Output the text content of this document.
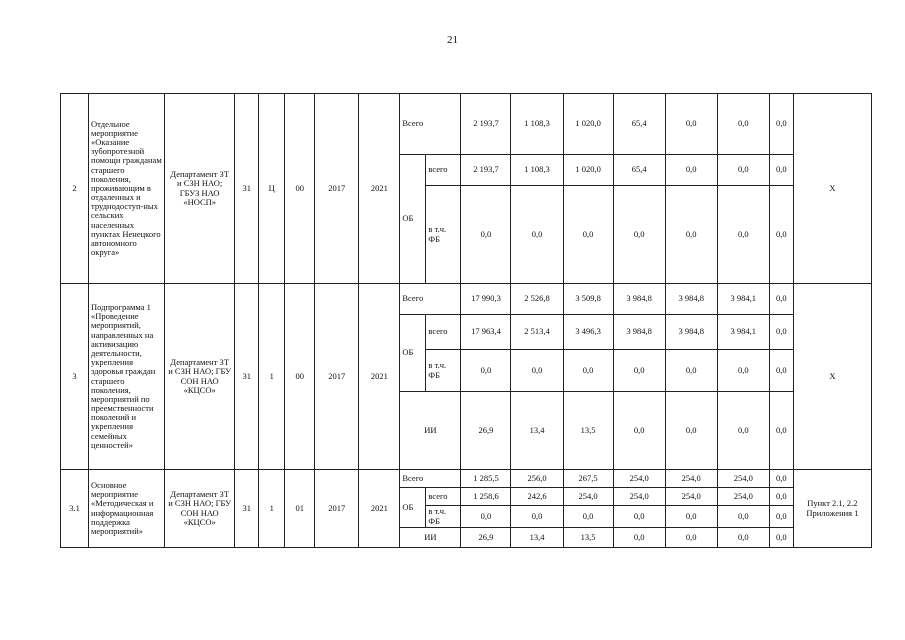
21
2	Отдельное мероприятие «Оказание зубопротезной помощи гражданам старшего поколения, проживающим в отдаленных и труднодоступ-ных сельских населенных пунктах Ненецкого автономного округа»	Департамент ЗТ и СЗН НАО; ГБУЗ НАО «НОСП»	31	Ц	00	2017	2021	Всего		2 193,7	1 108,3	1 020,0	65,4	0,0	0,0	0,0	X
								ОБ	всего	2 193,7	1 108,3	1 020,0	65,4	0,0	0,0	0,0	
									в т.ч. ФБ	0,0	0,0	0,0	0,0	0,0	0,0	0,0	
3	Подпрограмма 1 «Проведение мероприятий, направленных на активизацию деятельности, укрепления здоровья граждан старшего поколения, мероприятий по преемственности поколений и укрепления семейных ценностей»	Департамент ЗТ и СЗН НАО; ГБУ СОН НАО «КЦСО»	31	1	00	2017	2021	Всего		17 990,3	2 526,8	3 509,8	3 984,8	3 984,8	3 984,1	0,0	X
								ОБ	всего	17 963,4	2 513,4	3 496,3	3 984,8	3 984,8	3 984,1	0,0	
									в т.ч. ФБ	0,0	0,0	0,0	0,0	0,0	0,0	0,0	
								ИИ		26,9	13,4	13,5	0,0	0,0	0,0	0,0	
3.1	Основное мероприятие «Методическая и информационная поддержка мероприятий»	Департамент ЗТ и СЗН НАО; ГБУ СОН НАО «КЦСО»	31	1	01	2017	2021	Всего		1 285,5	256,0	267,5	254,0	254,0	254,0	0,0	Пункт 2.1, 2.2 Приложения 1
								ОБ	всего	1 258,6	242,6	254,0	254,0	254,0	254,0	0,0	
									в т.ч. ФБ	0,0	0,0	0,0	0,0	0,0	0,0	0,0	
								ИИ		26,9	13,4	13,5	0,0	0,0	0,0	0,0	
